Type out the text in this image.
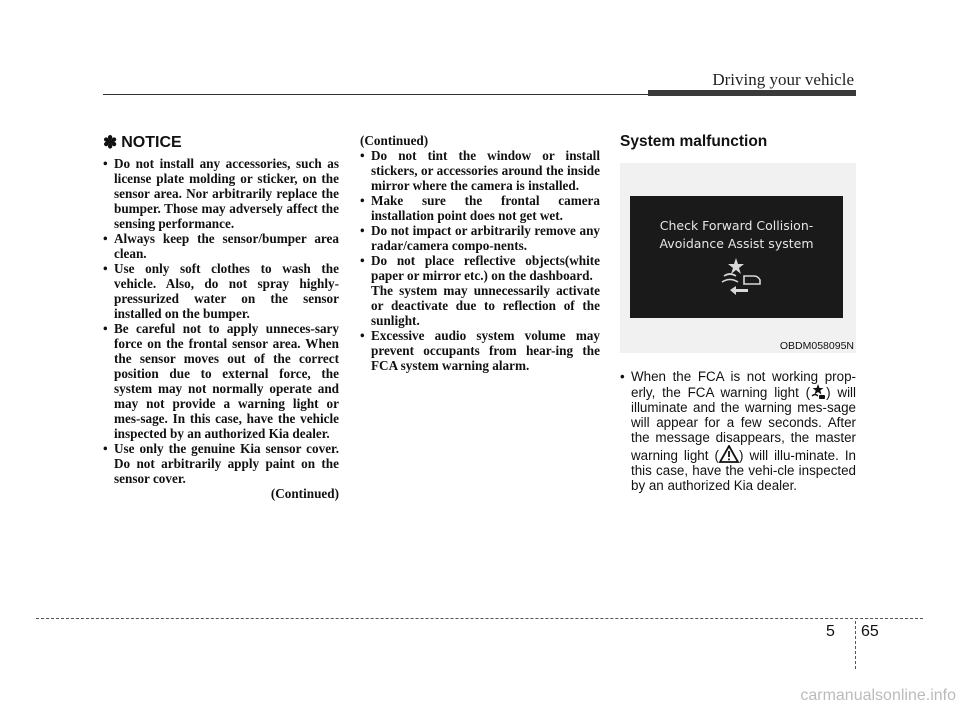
Driving your vehicle
✽ NOTICE
• Do not install any accessories, such as license plate molding or sticker, on the sensor area. Nor arbitrarily replace the bumper. Those may adversely affect the sensing performance.
• Always keep the sensor/bumper area clean.
• Use only soft clothes to wash the vehicle. Also, do not spray highly-pressurized water on the sensor installed on the bumper.
• Be careful not to apply unneces-sary force on the frontal sensor area. When the sensor moves out of the correct position due to external force, the system may not normally operate and may not provide a warning light or mes-sage. In this case, have the vehicle inspected by an authorized Kia dealer.
• Use only the genuine Kia sensor cover. Do not arbitrarily apply paint on the sensor cover.
(Continued)
(Continued)
• Do not tint the window or install stickers, or accessories around the inside mirror where the camera is installed.
• Make sure the frontal camera installation point does not get wet.
• Do not impact or arbitrarily remove any radar/camera compo-nents.
• Do not place reflective objects(white paper or mirror etc.) on the dashboard.
The system may unnecessarily activate or deactivate due to reflection of the sunlight.
• Excessive audio system volume may prevent occupants from hear-ing the FCA system warning alarm.
System malfunction
Check Forward Collision-
Avoidance Assist system
OBDM058095N
• When the FCA is not working prop-erly, the FCA warning light ( ) will illuminate and the warning mes-sage will appear for a few seconds. After the message disappears, the master warning light ( ) will illu-minate. In this case, have the vehi-cle inspected by an authorized Kia dealer.
5 65
carmanualsonline.info
